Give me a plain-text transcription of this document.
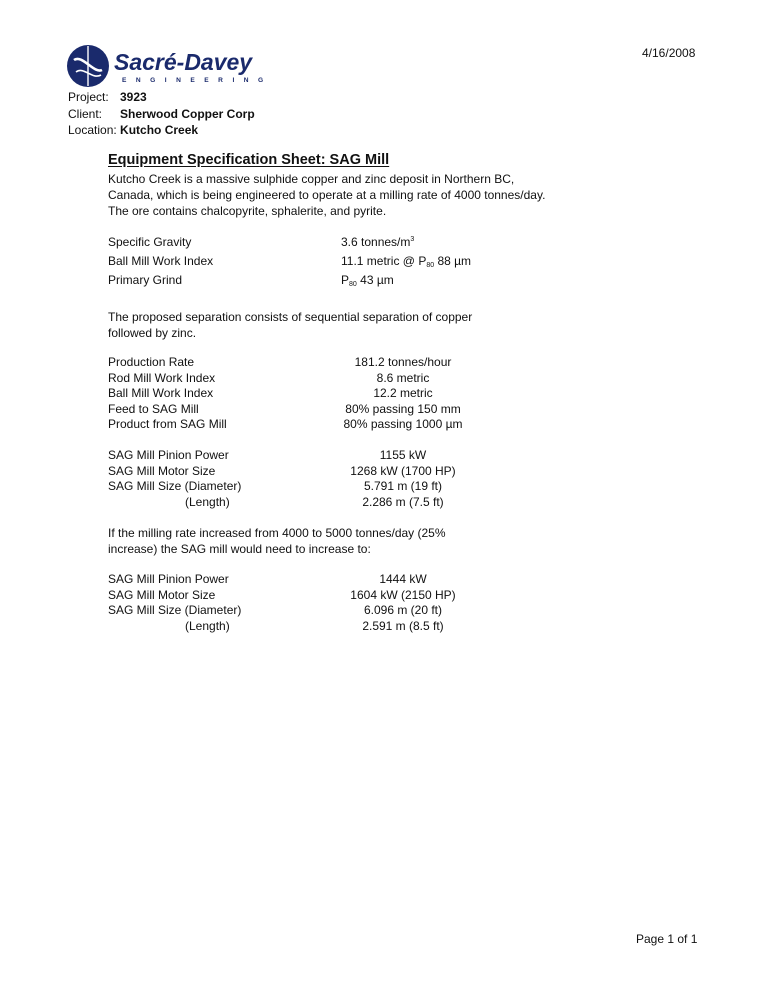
Sacré-Davey
ENGINEERING
4/16/2008
Project: 3923
Client: Sherwood Copper Corp
Location: Kutcho Creek
Equipment Specification Sheet: SAG Mill
Kutcho Creek is a massive sulphide copper and zinc deposit in Northern BC,
Canada, which is being engineered to operate at a milling rate of 4000 tonnes/day.
The ore contains chalcopyrite, sphalerite, and pyrite.
Specific Gravity	3.6 tonnes/$m^3$
Ball Mill Work Index	11.1 metric @ $P_{80}$ 88 µm
Primary Grind	$P_{80}$ 43 µm
The proposed separation consists of sequential separation of copper
followed by zinc.
Production Rate	181.2 tonnes/hour
Rod Mill Work Index	8.6 metric
Ball Mill Work Index	12.2 metric
Feed to SAG Mill	80% passing 150 mm
Product from SAG Mill	80% passing 1000 µm
SAG Mill Pinion Power	1155 kW
SAG Mill Motor Size	1268 kW (1700 HP)
SAG Mill Size (Diameter)	5.791 m (19 ft)
(Length)	2.286 m (7.5 ft)
If the milling rate increased from 4000 to 5000 tonnes/day (25%
increase) the SAG mill would need to increase to:
SAG Mill Pinion Power	1444 kW
SAG Mill Motor Size	1604 kW (2150 HP)
SAG Mill Size (Diameter)	6.096 m (20 ft)
(Length)	2.591 m (8.5 ft)
Page 1 of 1
